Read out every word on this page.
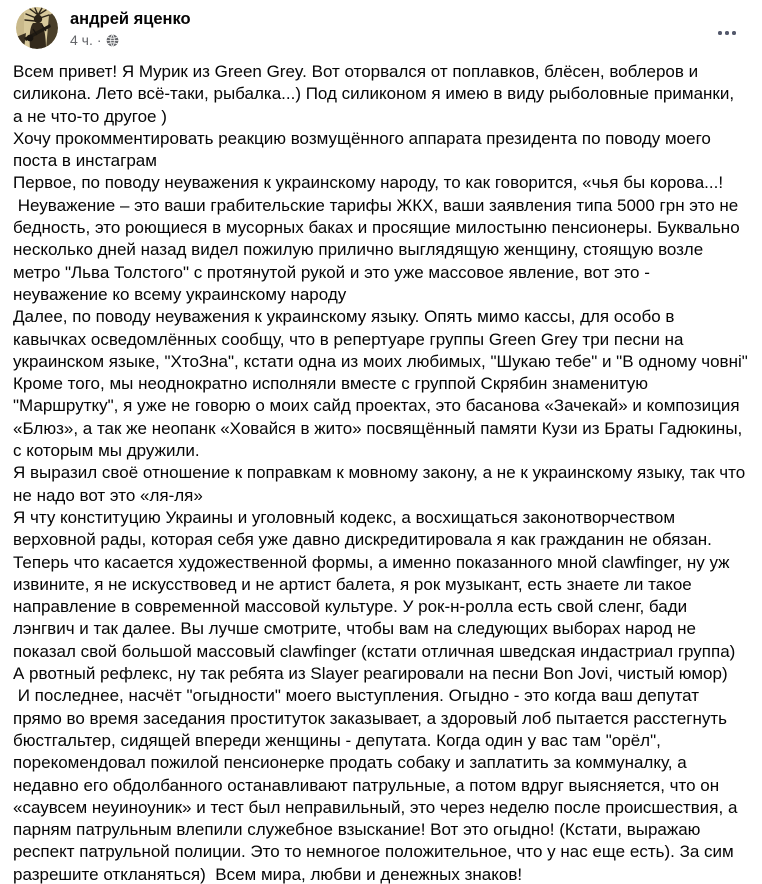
андрей яценко
4 ч. ·

Всем привет! Я Мурик из Green Grey. Вот оторвался от поплавков, блёсен, воблеров и силикона. Лето всё-таки, рыбалка...) Под силиконом я имею в виду рыболовные приманки, а не что-то другое )

Хочу прокомментировать реакцию возмущённого аппарата президента по поводу моего поста в инстаграм

Первое, по поводу неуважения к украинскому народу, то как говорится, «чья бы корова...!

Неуважение – это ваши грабительские тарифы ЖКХ, ваши заявления типа 5000 грн это не бедность, это роющиеся в мусорных баках и просящие милостыню пенсионеры. Буквально несколько дней назад видел пожилую прилично выглядящую женщину, стоящую возле метро "Льва Толстого" с протянутой рукой и это уже массовое явление, вот это - неуважение ко всему украинскому народу

Далее, по поводу неуважения к украинскому языку. Опять мимо кассы, для особо в кавычках осведомлённых сообщу, что в репертуаре группы Green Grey три песни на украинском языке, "ХтоЗна", кстати одна из моих любимых, "Шукаю тебе" и "В одному човні"

Кроме того, мы неоднократно исполняли вместе с группой Скрябин знаменитую "Маршрутку", я уже не говорю о моих сайд проектах, это басанова «Зачекай» и композиция «Блюз», а так же неопанк «Ховайся в жито» посвящённый памяти Кузи из Браты Гадюкины, с которым мы дружили.

Я выразил своё отношение к поправкам к мовному закону, а не к украинскому языку, так что не надо вот это «ля-ля»

Я чту конституцию Украины и уголовный кодекс, а восхищаться законотворчеством верховной рады, которая себя уже давно дискредитировала я как гражданин не обязан.

Теперь что касается художественной формы, а именно показанного мной clawfinger, ну уж извините, я не искусствовед и не артист балета, я рок музыкант, есть знаете ли такое направление в современной массовой культуре. У рок-н-ролла есть свой сленг, бади лэнгвич и так далее. Вы лучше смотрите, чтобы вам на следующих выборах народ не показал свой большой массовый clawfinger (кстати отличная шведская индастриал группа) А рвотный рефлекс, ну так ребята из Slayer реагировали на песни Bon Jovi, чистый юмор)

И последнее, насчёт "огыдности" моего выступления. Огыдно - это когда ваш депутат прямо во время заседания проституток заказывает, а здоровый лоб пытается расстегнуть бюстгальтер, сидящей впереди женщины - депутата. Когда один у вас там "орёл", порекомендовал пожилой пенсионерке продать собаку и заплатить за коммуналку, а недавно его обдолбанного останавливают патрульные, а потом вдруг выясняется, что он «саувсем неуиноуник» и тест был неправильный, это через неделю после происшествия, а парням патрульным влепили служебное взыскание! Вот это огыдно! (Кстати, выражаю респект патрульной полиции. Это то немногое положительное, что у нас еще есть). За сим разрешите откланяться)  Всем мира, любви и денежных знаков!
